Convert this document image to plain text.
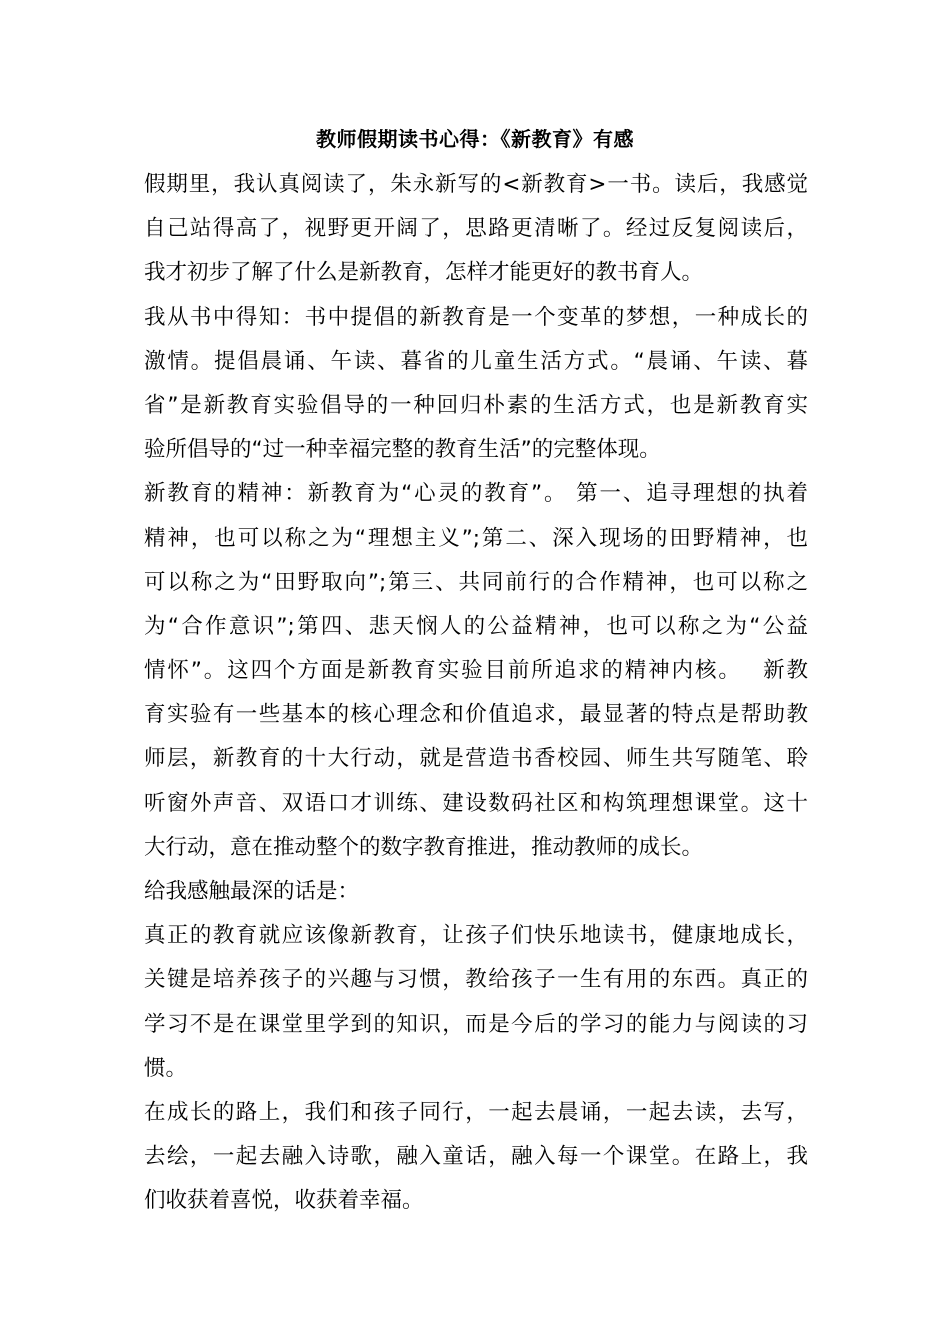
教师假期读书心得：《新教育》有感
假期里，我认真阅读了，朱永新写的<新教育>一书。读后，我感觉
自己站得高了，视野更开阔了，思路更清晰了。经过反复阅读后，
我才初步了解了什么是新教育，怎样才能更好的教书育人。
我从书中得知：书中提倡的新教育是一个变革的梦想，一种成长的
激情。提倡晨诵、午读、暮省的儿童生活方式。“晨诵、午读、暮
省”是新教育实验倡导的一种回归朴素的生活方式，也是新教育实
验所倡导的“过一种幸福完整的教育生活”的完整体现。
新教育的精神：新教育为“心灵的教育”。 第一、追寻理想的执着
精神，也可以称之为“理想主义”;第二、深入现场的田野精神，也
可以称之为“田野取向”;第三、共同前行的合作精神，也可以称之
为“合作意识”;第四、悲天悯人的公益精神，也可以称之为“公益
情怀”。这四个方面是新教育实验目前所追求的精神内核。　 新教
育实验有一些基本的核心理念和价值追求，最显著的特点是帮助教
师层，新教育的十大行动，就是营造书香校园、师生共写随笔、聆
听窗外声音、双语口才训练、建设数码社区和构筑理想课堂。这十
大行动，意在推动整个的数字教育推进，推动教师的成长。
给我感触最深的话是：
真正的教育就应该像新教育，让孩子们快乐地读书，健康地成长，
关键是培养孩子的兴趣与习惯，教给孩子一生有用的东西。真正的
学习不是在课堂里学到的知识，而是今后的学习的能力与阅读的习
惯。
在成长的路上，我们和孩子同行，一起去晨诵，一起去读，去写，
去绘，一起去融入诗歌，融入童话，融入每一个课堂。在路上，我
们收获着喜悦，收获着幸福。
